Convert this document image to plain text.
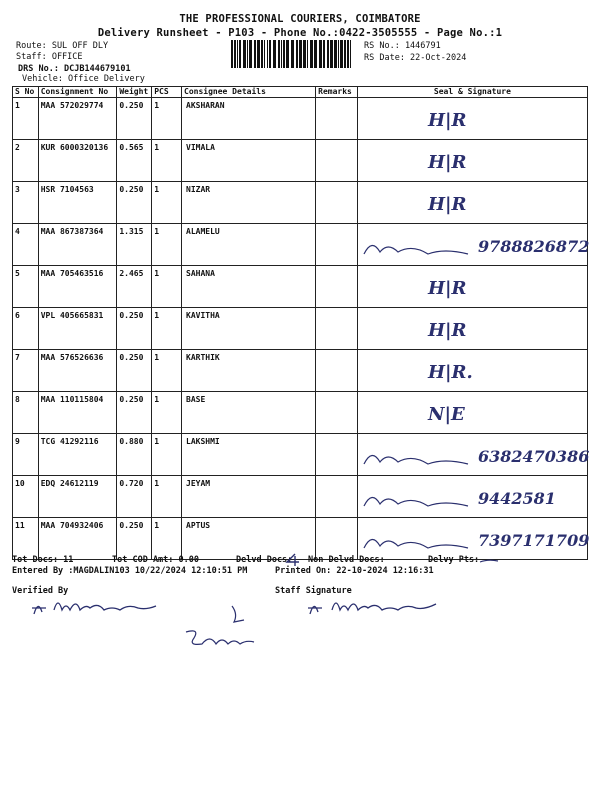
THE PROFESSIONAL COURIERS, COIMBATORE
Delivery Runsheet - P103 - Phone No.:0422-3505555 - Page No.:1
Route: SUL OFF DLY
Staff: OFFICE
DRS No.: DCJB144679101
Vehicle: Office Delivery
RS No.: 1446791
RS Date: 22-Oct-2024
S No	Consignment No	Weight	PCS	Consignee Details	Remarks	Seal & Signature
1	MAA 572029774	0.250	1	AKSHARAN		H|R

2	KUR 6000320136	0.565	1	VIMALA		H|R

3	HSR 7104563	0.250	1	NIZAR		H|R

4	MAA 867387364	1.315	1	ALAMELU		9788826872

5	MAA 705463516	2.465	1	SAHANA		H|R

6	VPL 405665831	0.250	1	KAVITHA		H|R

7	MAA 576526636	0.250	1	KARTHIK		H|R.

8	MAA 110115804	0.250	1	BASE		N|E

9	TCG 41292116	0.880	1	LAKSHMI		6382470386

10	EDQ 24612119	0.720	1	JEYAM		9442581

11	MAA 704932406	0.250	1	APTUS		7397171709
Tot Docs: 11	Tot COD Amt: 0.00	Delvd Docs: Non Delvd Docs:	Delvy Pts:
Entered By :MAGDALIN103 10/22/2024 12:10:51 PM	Printed On: 22-10-2024 12:16:31
Verified By	Staff Signature
